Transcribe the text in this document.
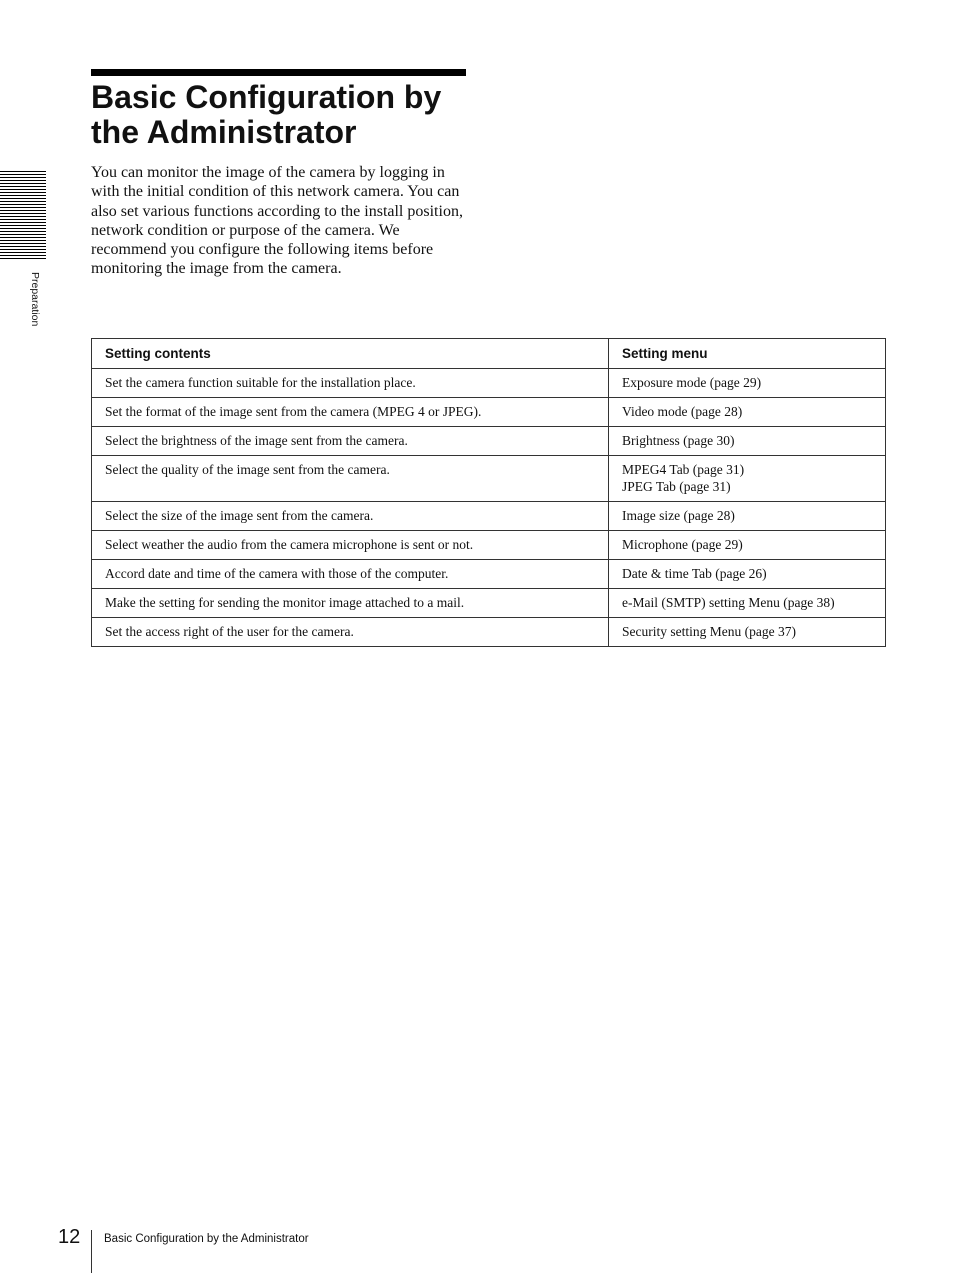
Basic Configuration by the Administrator

You can monitor the image of the camera by logging in with the initial condition of this network camera. You can also set various functions according to the install position, network condition or purpose of the camera. We recommend you configure the following items before monitoring the image from the camera.

Preparation
Setting contents	Setting menu
Set the camera function suitable for the installation place.	Exposure mode (page 29)

Set the format of the image sent from the camera (MPEG 4 or JPEG).	Video mode (page 28)

Select the brightness of the image sent from the camera.	Brightness (page 30)

Select the quality of the image sent from the camera.	MPEG4 Tab (page 31)
JPEG Tab (page 31)

Select the size of the image sent from the camera.	Image size (page 28)

Select weather the audio from the camera microphone is sent or not.	Microphone (page 29)

Accord date and time of the camera with those of the computer.	Date & time Tab (page 26)

Make the setting for sending the monitor image attached to a mail.	e-Mail (SMTP) setting Menu (page 38)

Set the access right of the user for the camera.	Security setting Menu (page 37)
12 Basic Configuration by the Administrator
